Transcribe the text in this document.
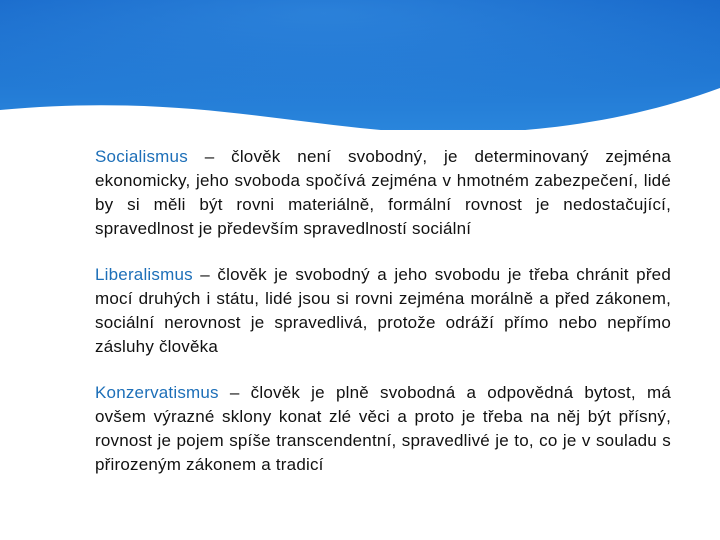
Socialismus – člověk není svobodný, je determinovaný zejména ekonomicky, jeho svoboda spočívá zejména v hmotném zabezpečení, lidé by si měli být rovni materiálně, formální rovnost je nedostačující, spravedlnost je především spravedlností sociální

Liberalismus – člověk je svobodný a jeho svobodu je třeba chránit před mocí druhých i státu, lidé jsou si rovni zejména morálně a před zákonem, sociální nerovnost je spravedlivá, protože odráží přímo nebo nepřímo zásluhy člověka

Konzervatismus – člověk je plně svobodná a odpovědná bytost, má ovšem výrazné sklony konat zlé věci a proto je třeba na něj být přísný, rovnost je pojem spíše transcendentní, spravedlivé je to, co je v souladu s přirozeným zákonem a tradicí
